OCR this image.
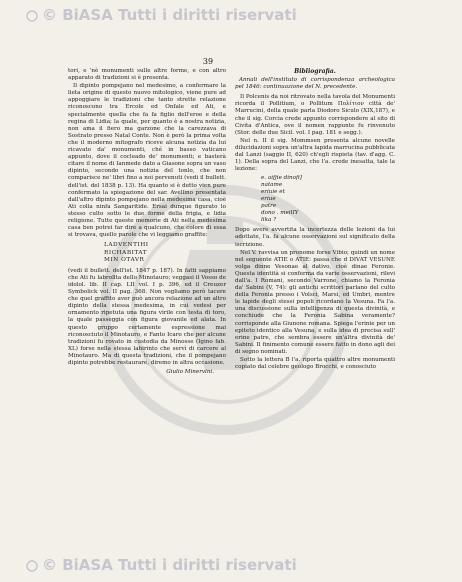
© BiASA Tutti i diritti riservati
39

tori, e 'nè monumenti sulle altre forme, e con altro apparato di tradizioni si è presenta.

Il dipinto pompejano nel medesimo, a confermare la lieta origine di questo nuovo mitologico, viene pure ad appoggiare le tradizioni che tanto strette relazione riconoscono tra Ercole ed Onfale ed Ati, e specialmente quella che fa fa figlio dell'eroe e della regina di Lidia; la quale, per quanto è a nostra notizia, non ama il fiero ma garzone che la carezzava di Sostrato presso Natal Conte. Non è però la prima volta che il moderno mitografo riceve alcuna notizia da lui ricavato da' monumenti, ché in basso vaticano appunto, dove il cocleado de' monumenti; e basterà citare il nome di Ianmede dato a Giasone sopra un vaso dipinto, secondo una notizia del tonlo, che non comparisce ne' libri fino a noi pervenuti (vedi il bullett. dell'ist. del 1838 p. 13). Ha quanto si è detto vien pure confermato la spiegazione del sar. Avellino presentata dall'altro dipinto pompejano nella medesima casa, cioè Ati colla ninfa Sangaritide. Ersai dunque figurato lo stesso culto sotto le due forme della frigia, e lidia religione. Tutte queste memorie di Ati nella medesima casa ben potrei far dire a qualcuno, che colore di essa si trovava, quello parole che vi leggiamo graffite:

LADVENTIHI
RICHABITAT
MIN OTAVR

(vedi il bullett. dell'ist. 1847 p. 187). In fatti sappiamo che Ati fu labrollta dello Minotauro; veggasi il Vosso de idolol. lib. II cap. LII vol. I p. 396, ed il Creuzer Symbolick vol. II pag. 368. Non vogliamo però tacere che quel graffito aver può ancora relazione ad un altro dipinto della stessa medesima, in cui vedesi per ornamento ripetuta una figura virile con testa di toro, la quale passeggia con figura giovanile ed alata. In questo gruppo certamente espressione mai riconosciuto il Minotauro, e Fanto Icaro che per alcune tradizioni fu rovato in custodia da Minosse (Igino fab. XL) forse nella stessa labirinto che servì di carcere al Minotauro. Ma di questa tradizioni, che il pompejano dipinto potrebbe restaurare, diremo in altra occasione.

Giulio Minervini.
Bibliografia.
Annali dell'instituto di corrispondenza archeologica pel 1846: continuazione del N. precedente.

Il Polcenis da noi ritrovato nella tavola del Monumenti ricorda il Pollitium, o Pollitum Πολίτιον città de' Marrucini, della quale parla Diodoro Siculo (XIX,187), e che il sig. Corcia crede appunto corrispondere al sito di Civita d'Antica, ove il nomen rappunte fu rinvenuto (Stor. delle due Sicil. vol. I pag. 181 e segg.).

Nel n. II il sig. Mommsen presenta alcune novelle dilucidazioni sopra un'altra lapida marrucina pubblicata dal Lanzi (saggio II, 620) ch'egli rispieta (tav. d'agg. C. 1). Della sopra del Lanzi, che l'a. crede inesatta, tale la lezione:

e. aifjie dinofi]
natame
eriuie et
eriue
patre
dono . meilIY
lika ?

Dopo avere avvertita la incertezza delle lezioni da lui adottate, l'a. fa alcune osservazioni sul significato della iscrizione.

Nel V. ravvisa un pronome forse Vibio; quindi un nome nel seguente ATIE o ATIE: passa che d DIVAT VESUNE volga dinne Vesonae al dativo, cioè dinae Feronie. Questa identità si conferma da varie osservazioni, rilevi dall'a. I Romani, secondo Varrone, chiamo la Feronia da' Sabini (V, 74): gli antichi scrittori parlano del culto della Feronia presso i Volsci, Marsi, ed Umbri, mentre le lapide degli stessi popoli ricordano la Vesuna. Fa l'a. una discussione sulla intelligenza di questa divinità, e conchiude che la Feronia Sabina veramente? corrisponde alla Giunone romana. Spiega l'erinie per un epiteto identico alla Vesuna, e sulla idea di precisa sull' erine patre, che sembra essere un'altra divinità de' Sabini. Il finimento comune essere fatto in dono agli dei di segno nominati.

Sotto la lettera B l'a. riporta quattro altre monumenti copiato dal celebre geologo Brocchi, e conosciuto

© BiASA Tutti i diritti riservati
